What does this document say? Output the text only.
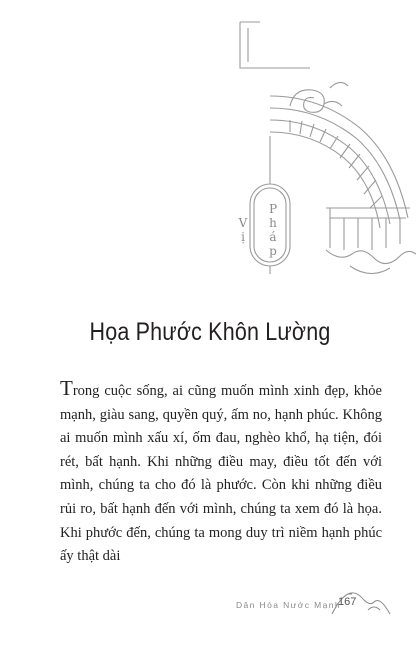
Pháp Vị
Họa Phước Khôn Lường

Trong cuộc sống, ai cũng muốn mình xinh đẹp, khỏe mạnh, giàu sang, quyền quý, ấm no, hạnh phúc. Không ai muốn mình xấu xí, ốm đau, nghèo khổ, hạ tiện, đói rét, bất hạnh. Khi những điều may, điều tốt đến với mình, chúng ta cho đó là phước. Còn khi những điều rủi ro, bất hạnh đến với mình, chúng ta xem đó là họa. Khi phước đến, chúng ta mong duy trì niềm hạnh phúc ấy thật dài

Dân Hòa Nước Mạnh
167
